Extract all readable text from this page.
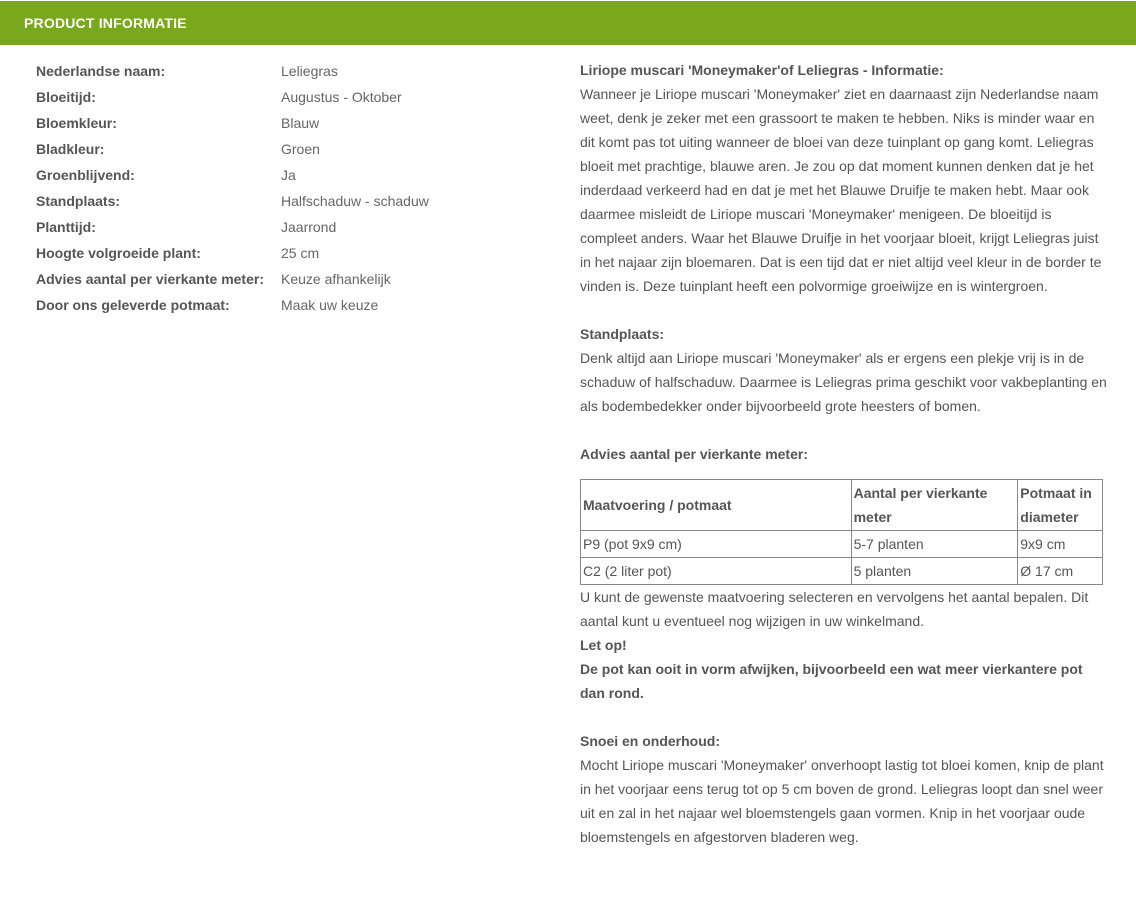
PRODUCT INFORMATIE
Nederlandse naam:	Leliegras
Bloeitijd:	Augustus - Oktober
Bloemkleur:	Blauw
Bladkleur:	Groen
Groenblijvend:	Ja
Standplaats:	Halfschaduw - schaduw
Planttijd:	Jaarrond
Hoogte volgroeide plant:	25 cm
Advies aantal per vierkante meter: Keuze afhankelijk
Door ons geleverde potmaat:	Maak uw keuze

Liriope muscari 'Moneymaker'of Leliegras - Informatie:

Wanneer je Liriope muscari 'Moneymaker' ziet en daarnaast zijn Nederlandse naam weet, denk je zeker met een grassoort te maken te hebben. Niks is minder waar en dit komt pas tot uiting wanneer de bloei van deze tuinplant op gang komt. Leliegras bloeit met prachtige, blauwe aren. Je zou op dat moment kunnen denken dat je het inderdaad verkeerd had en dat je met het Blauwe Druifje te maken hebt. Maar ook daarmee misleidt de Liriope muscari 'Moneymaker' menigeen. De bloeitijd is compleet anders. Waar het Blauwe Druifje in het voorjaar bloeit, krijgt Leliegras juist in het najaar zijn bloemaren. Dat is een tijd dat er niet altijd veel kleur in de border te vinden is. Deze tuinplant heeft een polvormige groeiwijze en is wintergroen.

Standplaats:

Denk altijd aan Liriope muscari 'Moneymaker' als er ergens een plekje vrij is in de schaduw of halfschaduw. Daarmee is Leliegras prima geschikt voor vakbeplanting en als bodembedekker onder bijvoorbeeld grote heesters of bomen.

Advies aantal per vierkante meter:

Maatvoering / potmaat	Aantal per vierkante meter	Potmaat in diameter
P9 (pot 9x9 cm)	5-7 planten	9x9 cm
C2 (2 liter pot)	5 planten	Ø 17 cm

U kunt de gewenste maatvoering selecteren en vervolgens het aantal bepalen. Dit aantal kunt u eventueel nog wijzigen in uw winkelmand.

Let op!

De pot kan ooit in vorm afwijken, bijvoorbeeld een wat meer vierkantere pot dan rond.

Snoei en onderhoud:

Mocht Liriope muscari 'Moneymaker' onverhoopt lastig tot bloei komen, knip de plant in het voorjaar eens terug tot op 5 cm boven de grond. Leliegras loopt dan snel weer uit en zal in het najaar wel bloemstengels gaan vormen. Knip in het voorjaar oude bloemstengels en afgestorven bladeren weg.
